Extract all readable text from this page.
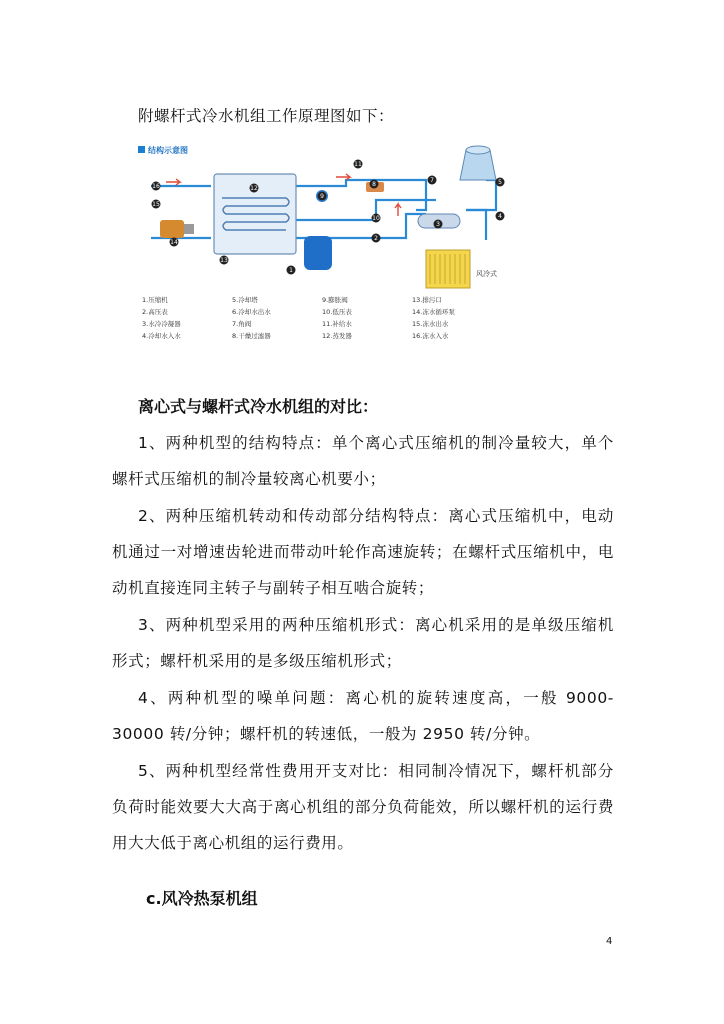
附螺杆式冷水机组工作原理图如下：

结构示意图
风冷式
1
2
3
4
5
7
8
9
10
11
12
13
14
15
16
1.压缩机	5.冷却塔	9.膨胀阀	13.排污口
2.高压表	6.冷却水出水	10.低压表	14.冻水循环泵
3.水冷冷凝器	7.角阀	11.补给水	15.冻水出水
4.冷却水入水	8.干燥过滤器	12.蒸发器	16.冻水入水

离心式与螺杆式冷水机组的对比：

1、两种机型的结构特点：单个离心式压缩机的制冷量较大，单个螺杆式压缩机的制冷量较离心机要小；

2、两种压缩机转动和传动部分结构特点：离心式压缩机中，电动机通过一对增速齿轮进而带动叶轮作高速旋转；在螺杆式压缩机中，电动机直接连同主转子与副转子相互啮合旋转；

3、两种机型采用的两种压缩机形式：离心机采用的是单级压缩机形式；螺杆机采用的是多级压缩机形式；

4、两种机型的噪单问题：离心机的旋转速度高，一般 9000-30000 转/分钟；螺杆机的转速低，一般为 2950 转/分钟。

5、两种机型经常性费用开支对比：相同制冷情况下，螺杆机部分负荷时能效要大大高于离心机组的部分负荷能效，所以螺杆机的运行费用大大低于离心机组的运行费用。

c.风冷热泵机组

4
